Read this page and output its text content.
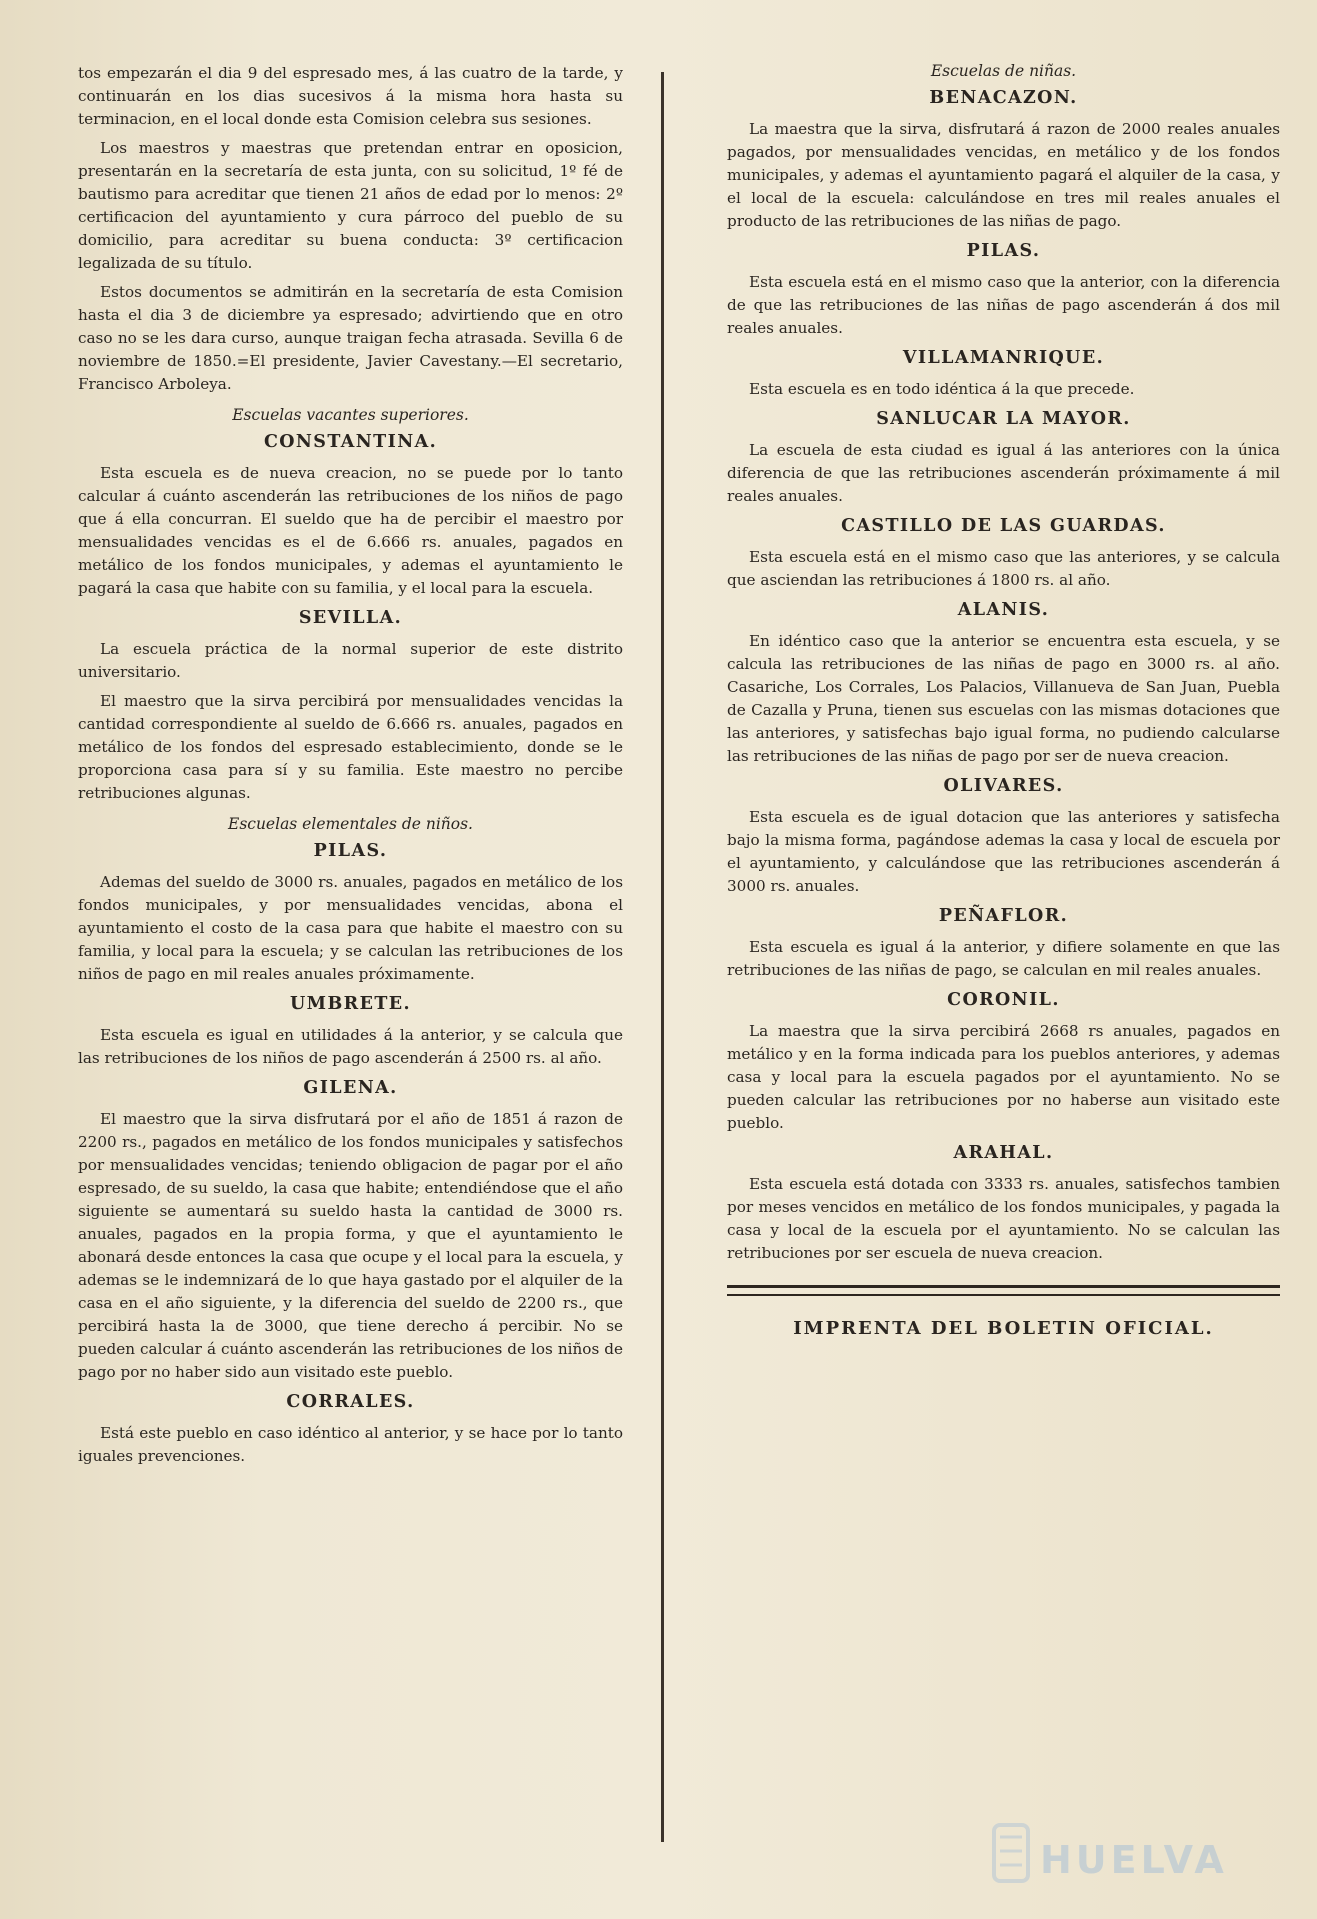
tos empezarán el dia 9 del espresado mes, á las cuatro de la tarde, y continuarán en los dias sucesivos á la misma hora hasta su terminacion, en el local donde esta Comision celebra sus sesiones.

Los maestros y maestras que pretendan entrar en oposicion, presentarán en la secretaría de esta junta, con su solicitud, 1º fé de bautismo para acreditar que tienen 21 años de edad por lo menos: 2º certificacion del ayuntamiento y cura párroco del pueblo de su domicilio, para acreditar su buena conducta: 3º certificacion legalizada de su título.

Estos documentos se admitirán en la secretaría de esta Comision hasta el dia 3 de diciembre ya espresado; advirtiendo que en otro caso no se les dara curso, aunque traigan fecha atrasada. Sevilla 6 de noviembre de 1850.=El presidente, Javier Cavestany.—El secretario, Francisco Arboleya.

Escuelas vacantes superiores.
CONSTANTINA.

Esta escuela es de nueva creacion, no se puede por lo tanto calcular á cuánto ascenderán las retribuciones de los niños de pago que á ella concurran. El sueldo que ha de percibir el maestro por mensualidades vencidas es el de 6.666 rs. anuales, pagados en metálico de los fondos municipales, y ademas el ayuntamiento le pagará la casa que habite con su familia, y el local para la escuela.

SEVILLA.

La escuela práctica de la normal superior de este distrito universitario.

El maestro que la sirva percibirá por mensualidades vencidas la cantidad correspondiente al sueldo de 6.666 rs. anuales, pagados en metálico de los fondos del espresado establecimiento, donde se le proporciona casa para sí y su familia. Este maestro no percibe retribuciones algunas.

Escuelas elementales de niños.
PILAS.

Ademas del sueldo de 3000 rs. anuales, pagados en metálico de los fondos municipales, y por mensualidades vencidas, abona el ayuntamiento el costo de la casa para que habite el maestro con su familia, y local para la escuela; y se calculan las retribuciones de los niños de pago en mil reales anuales próximamente.

UMBRETE.

Esta escuela es igual en utilidades á la anterior, y se calcula que las retribuciones de los niños de pago ascenderán á 2500 rs. al año.

GILENA.

El maestro que la sirva disfrutará por el año de 1851 á razon de 2200 rs., pagados en metálico de los fondos municipales y satisfechos por mensualidades vencidas; teniendo obligacion de pagar por el año espresado, de su sueldo, la casa que habite; entendiéndose que el año siguiente se aumentará su sueldo hasta la cantidad de 3000 rs. anuales, pagados en la propia forma, y que el ayuntamiento le abonará desde entonces la casa que ocupe y el local para la escuela, y ademas se le indemnizará de lo que haya gastado por el alquiler de la casa en el año siguiente, y la diferencia del sueldo de 2200 rs., que percibirá hasta la de 3000, que tiene derecho á percibir. No se pueden calcular á cuánto ascenderán las retribuciones de los niños de pago por no haber sido aun visitado este pueblo.

CORRALES.

Está este pueblo en caso idéntico al anterior, y se hace por lo tanto iguales prevenciones.

Escuelas de niñas.
BENACAZON.

La maestra que la sirva, disfrutará á razon de 2000 reales anuales pagados, por mensualidades vencidas, en metálico y de los fondos municipales, y ademas el ayuntamiento pagará el alquiler de la casa, y el local de la escuela: calculándose en tres mil reales anuales el producto de las retribuciones de las niñas de pago.

PILAS.

Esta escuela está en el mismo caso que la anterior, con la diferencia de que las retribuciones de las niñas de pago ascenderán á dos mil reales anuales.

VILLAMANRIQUE.

Esta escuela es en todo idéntica á la que precede.

SANLUCAR LA MAYOR.

La escuela de esta ciudad es igual á las anteriores con la única diferencia de que las retribuciones ascenderán próximamente á mil reales anuales.

CASTILLO DE LAS GUARDAS.

Esta escuela está en el mismo caso que las anteriores, y se calcula que asciendan las retribuciones á 1800 rs. al año.

ALANIS.

En idéntico caso que la anterior se encuentra esta escuela, y se calcula las retribuciones de las niñas de pago en 3000 rs. al año. Casariche, Los Corrales, Los Palacios, Villanueva de San Juan, Puebla de Cazalla y Pruna, tienen sus escuelas con las mismas dotaciones que las anteriores, y satisfechas bajo igual forma, no pudiendo calcularse las retribuciones de las niñas de pago por ser de nueva creacion.

OLIVARES.

Esta escuela es de igual dotacion que las anteriores y satisfecha bajo la misma forma, pagándose ademas la casa y local de escuela por el ayuntamiento, y calculándose que las retribuciones ascenderán á 3000 rs. anuales.

PEÑAFLOR.

Esta escuela es igual á la anterior, y difiere solamente en que las retribuciones de las niñas de pago, se calculan en mil reales anuales.

CORONIL.

La maestra que la sirva percibirá 2668 rs anuales, pagados en metálico y en la forma indicada para los pueblos anteriores, y ademas casa y local para la escuela pagados por el ayuntamiento. No se pueden calcular las retribuciones por no haberse aun visitado este pueblo.

ARAHAL.

Esta escuela está dotada con 3333 rs. anuales, satisfechos tambien por meses vencidos en metálico de los fondos municipales, y pagada la casa y local de la escuela por el ayuntamiento. No se calculan las retribuciones por ser escuela de nueva creacion.

IMPRENTA DEL BOLETIN OFICIAL.
HUELVA
